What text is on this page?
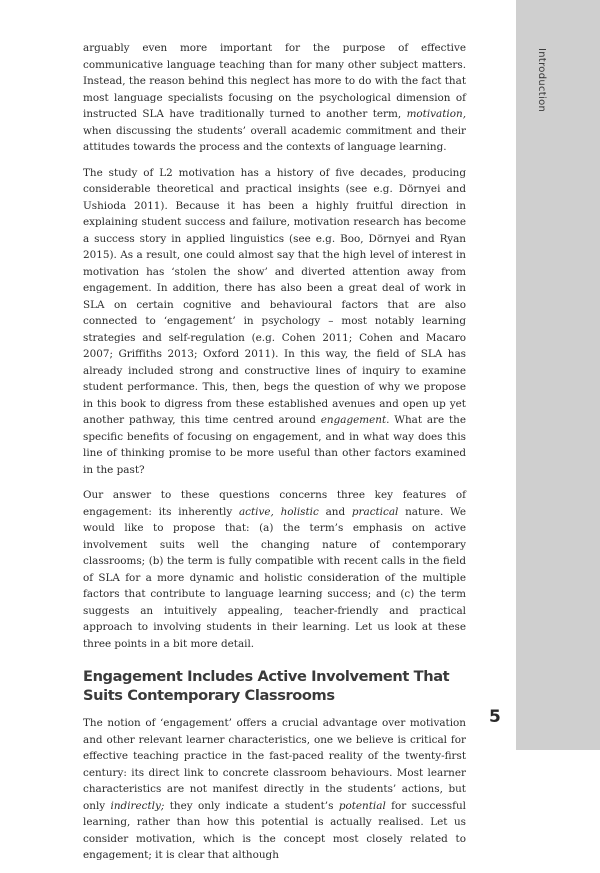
Introduction

arguably even more important for the purpose of effective communicative language teaching than for many other subject matters. Instead, the reason behind this neglect has more to do with the fact that most language specialists focusing on the psychological dimension of instructed SLA have traditionally turned to another term, motivation, when discussing the students’ overall academic commitment and their attitudes towards the process and the contexts of language learning.

The study of L2 motivation has a history of five decades, producing considerable theoretical and practical insights (see e.g. Dörnyei and Ushioda 2011). Because it has been a highly fruitful direction in explaining student success and failure, motivation research has become a success story in applied linguistics (see e.g. Boo, Dörnyei and Ryan 2015). As a result, one could almost say that the high level of interest in motivation has ‘stolen the show’ and diverted attention away from engagement. In addition, there has also been a great deal of work in SLA on certain cognitive and behavioural factors that are also connected to ‘engagement’ in psychology – most notably learning strategies and self-regulation (e.g. Cohen 2011; Cohen and Macaro 2007; Griffiths 2013; Oxford 2011). In this way, the field of SLA has already included strong and constructive lines of inquiry to examine student performance. This, then, begs the question of why we propose in this book to digress from these established avenues and open up yet another pathway, this time centred around engagement. What are the specific benefits of focusing on engagement, and in what way does this line of thinking promise to be more useful than other factors examined in the past?

Our answer to these questions concerns three key features of engagement: its inherently active, holistic and practical nature. We would like to propose that: (a) the term’s emphasis on active involvement suits well the changing nature of contemporary classrooms; (b) the term is fully compatible with recent calls in the field of SLA for a more dynamic and holistic consideration of the multiple factors that contribute to language learning success; and (c) the term suggests an intuitively appealing, teacher-friendly and practical approach to involving students in their learning. Let us look at these three points in a bit more detail.

Engagement Includes Active Involvement That Suits Contemporary Classrooms

The notion of ‘engagement’ offers a crucial advantage over motivation and other relevant learner characteristics, one we believe is critical for effective teaching practice in the fast-paced reality of the twenty-first century: its direct link to concrete classroom behaviours. Most learner characteristics are not manifest directly in the students’ actions, but only indirectly; they only indicate a student’s potential for successful learning, rather than how this potential is actually realised. Let us consider motivation, which is the concept most closely related to engagement; it is clear that although

5
